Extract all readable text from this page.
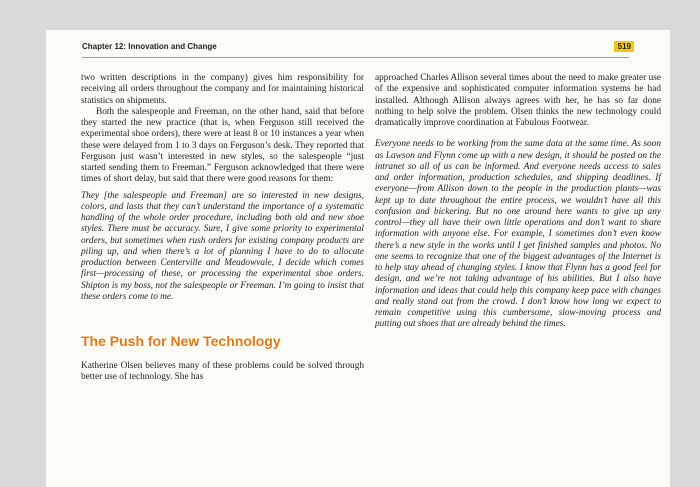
Chapter 12: Innovation and Change	519

two written descriptions in the company) gives him responsibility for receiving all orders throughout the company and for maintaining historical statistics on shipments.

Both the salespeople and Freeman, on the other hand, said that before they started the new practice (that is, when Ferguson still received the experimental shoe orders), there were at least 8 or 10 instances a year when these were delayed from 1 to 3 days on Ferguson’s desk. They reported that Ferguson just wasn’t interested in new styles, so the salespeople “just started sending them to Freeman.” Ferguson acknowledged that there were times of short delay, but said that there were good reasons for them:

They [the salespeople and Freeman] are so interested in new designs, colors, and lasts that they can’t understand the importance of a systematic handling of the whole order procedure, including both old and new shoe styles. There must be accuracy. Sure, I give some priority to experimental orders, but sometimes when rush orders for existing company products are piling up, and when there’s a lot of planning I have to do to allocate production between Centerville and Meadowvale, I decide which comes first—processing of these, or processing the experimental shoe orders. Shipton is my boss, not the salespeople or Freeman. I’m going to insist that these orders come to me.

The Push for New Technology

Katherine Olsen believes many of these problems could be solved through better use of technology. She has

approached Charles Allison several times about the need to make greater use of the expensive and sophisticated computer information systems he had installed. Although Allison always agrees with her, he has so far done nothing to help solve the problem. Olsen thinks the new technology could dramatically improve coordination at Fabulous Footwear.

Everyone needs to be working from the same data at the same time. As soon as Lawson and Flynn come up with a new design, it should be posted on the intranet so all of us can be informed. And everyone needs access to sales and order information, production schedules, and shipping deadlines. If everyone—from Allison down to the people in the production plants—was kept up to date throughout the entire process, we wouldn’t have all this confusion and bickering. But no one around here wants to give up any control—they all have their own little operations and don’t want to share information with anyone else. For example, I sometimes don’t even know there’s a new style in the works until I get finished samples and photos. No one seems to recognize that one of the biggest advantages of the Internet is to help stay ahead of changing styles. I know that Flynn has a good feel for design, and we’re not taking advantage of his abilities. But I also have information and ideas that could help this company keep pace with changes and really stand out from the crowd. I don’t know how long we expect to remain competitive using this cumbersome, slow-moving process and putting out shoes that are already behind the times.
